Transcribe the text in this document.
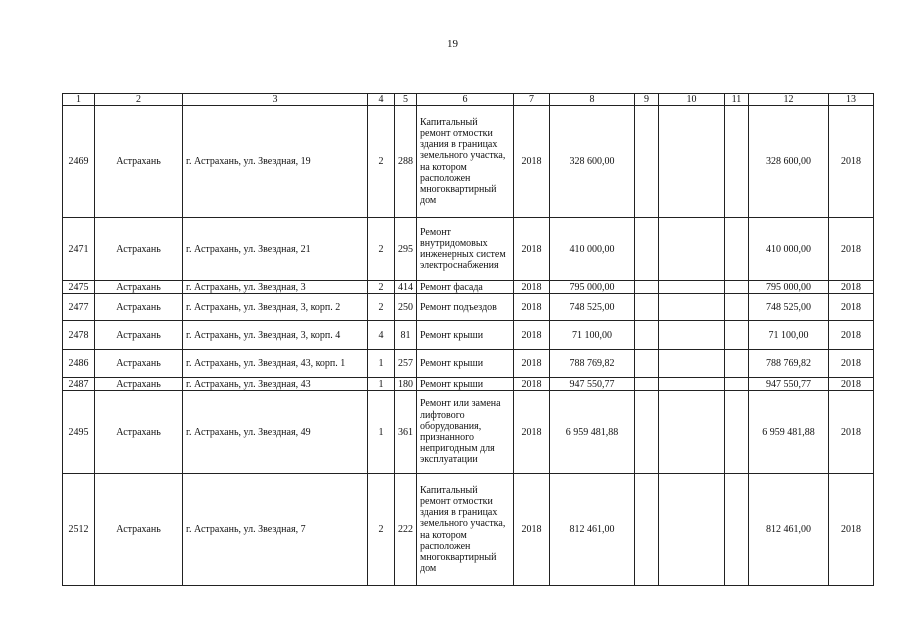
19
1	2	3	4	5	6	7	8	9	10	11	12	13
2469	Астрахань	г. Астрахань, ул. Звездная, 19	2	288	Капитальный ремонт отмостки здания в границах земельного участка, на котором расположен многоквартирный дом	2018	328 600,00				328 600,00	2018
2471	Астрахань	г. Астрахань, ул. Звездная, 21	2	295	Ремонт внутридомовых инженерных систем электроснабжения	2018	410 000,00				410 000,00	2018
2475	Астрахань	г. Астрахань, ул. Звездная, 3	2	414	Ремонт фасада	2018	795 000,00				795 000,00	2018
2477	Астрахань	г. Астрахань, ул. Звездная, 3, корп. 2	2	250	Ремонт подъездов	2018	748 525,00				748 525,00	2018
2478	Астрахань	г. Астрахань, ул. Звездная, 3, корп. 4	4	81	Ремонт крыши	2018	71 100,00				71 100,00	2018
2486	Астрахань	г. Астрахань, ул. Звездная, 43, корп. 1	1	257	Ремонт крыши	2018	788 769,82				788 769,82	2018
2487	Астрахань	г. Астрахань, ул. Звездная, 43	1	180	Ремонт крыши	2018	947 550,77				947 550,77	2018
2495	Астрахань	г. Астрахань, ул. Звездная, 49	1	361	Ремонт или замена лифтового оборудования, признанного непригодным для эксплуатации	2018	6 959 481,88				6 959 481,88	2018
2512	Астрахань	г. Астрахань, ул. Звездная, 7	2	222	Капитальный ремонт отмостки здания в границах земельного участка, на котором расположен многоквартирный дом	2018	812 461,00				812 461,00	2018
